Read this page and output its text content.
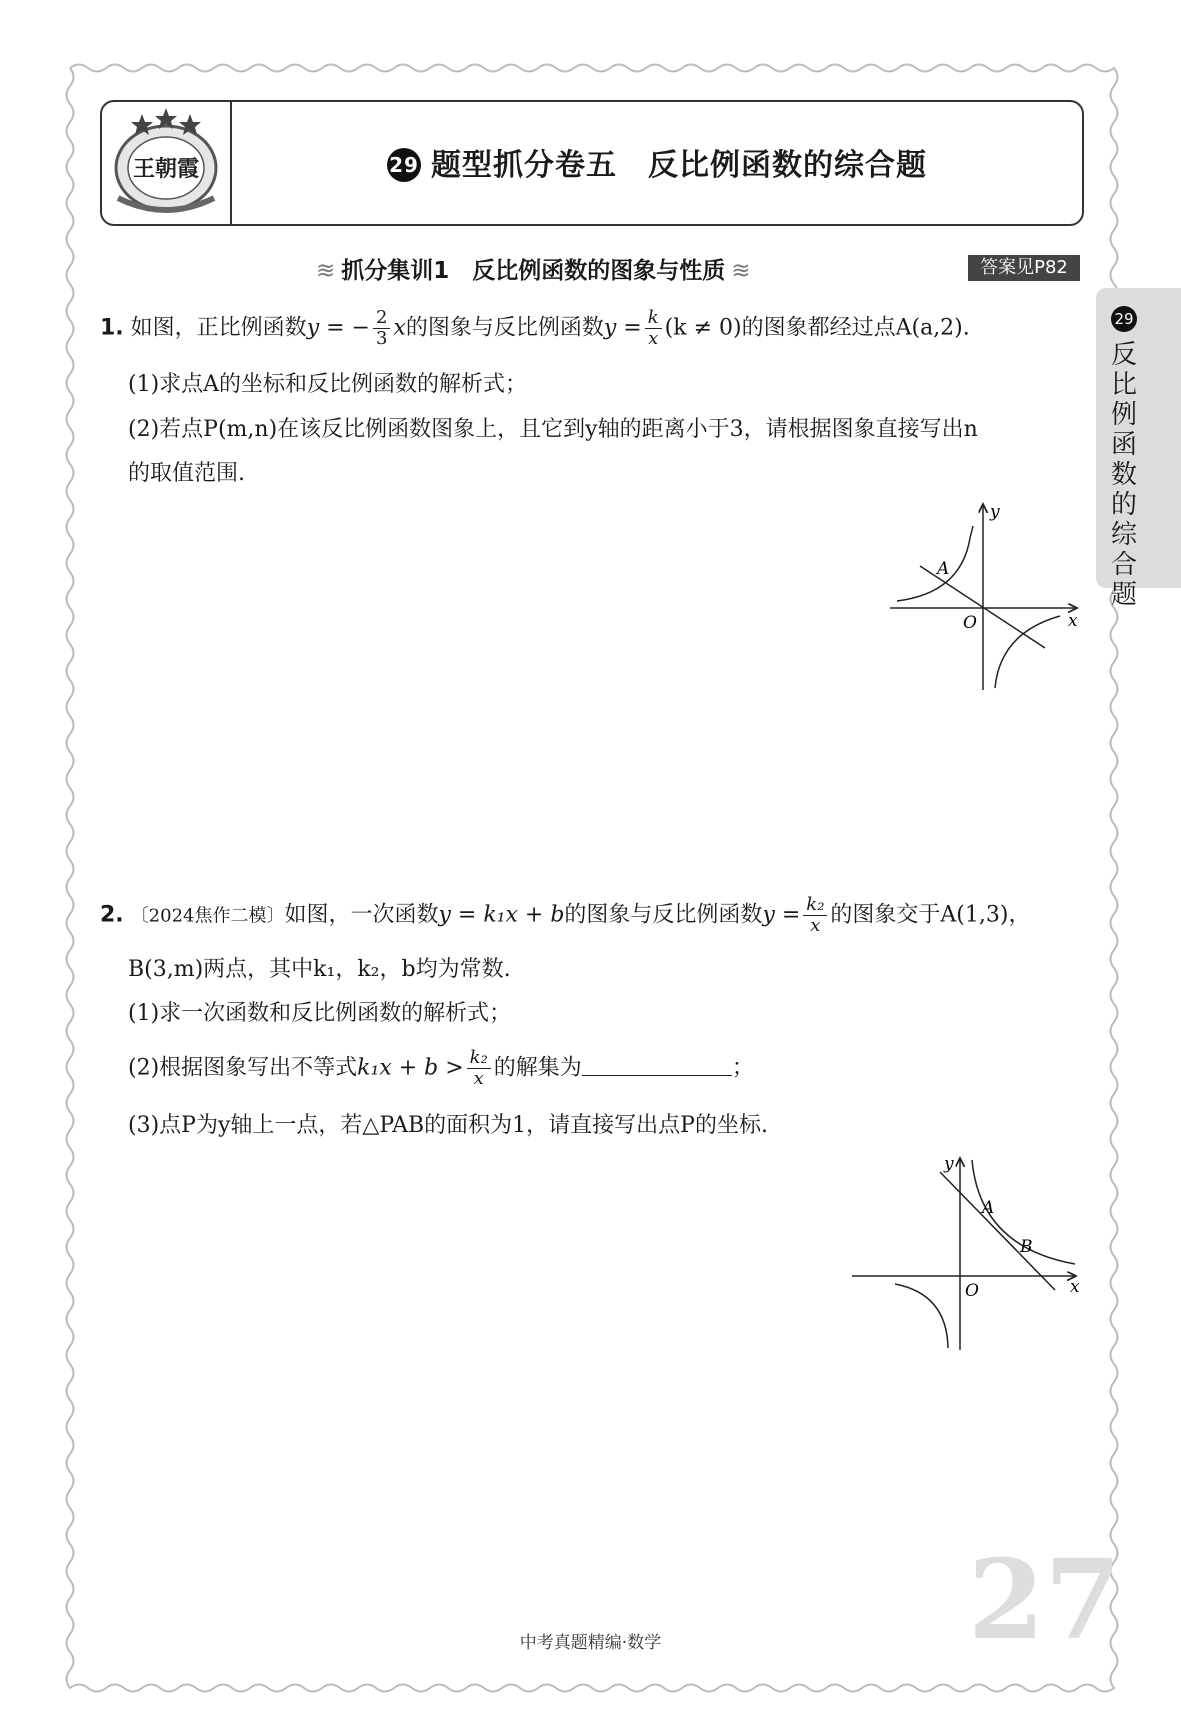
王朝霞	29 题型抓分卷五　反比例函数的综合题
≋ 抓分集训1　反比例函数的图象与性质 ≋	答案见P82
29
反比例函数的综合题
1. 如图，正比例函数y = − $\frac{2}{3}$ x的图象与反比例函数$y = \frac{k}{x} (k \ne 0)$的图象都经过点A(a,2).
(1)求点A的坐标和反比例函数的解析式；
(2)若点P(m,n)在该反比例函数图象上，且它到y轴的距离小于3，请根据图象直接写出n
的取值范围.
A
O	x
y
2. 〔2024焦作二模〕如图，一次函数y = k₁x + b的图象与反比例函数$y = \frac{\text{k₂}}{x}$ 的图象交于A(1,3)，
B(3,m)两点，其中k₁，k₂，b均为常数.
(1)求一次函数和反比例函数的解析式；
(2)根据图象写出不等式$k_1x + b > \frac{\text{k₂}}{x}$ 的解集为	；
(3)点P为y轴上一点，若△PAB的面积为1，请直接写出点P的坐标.
A
B
O	x
y
27
中考真题精编·数学
